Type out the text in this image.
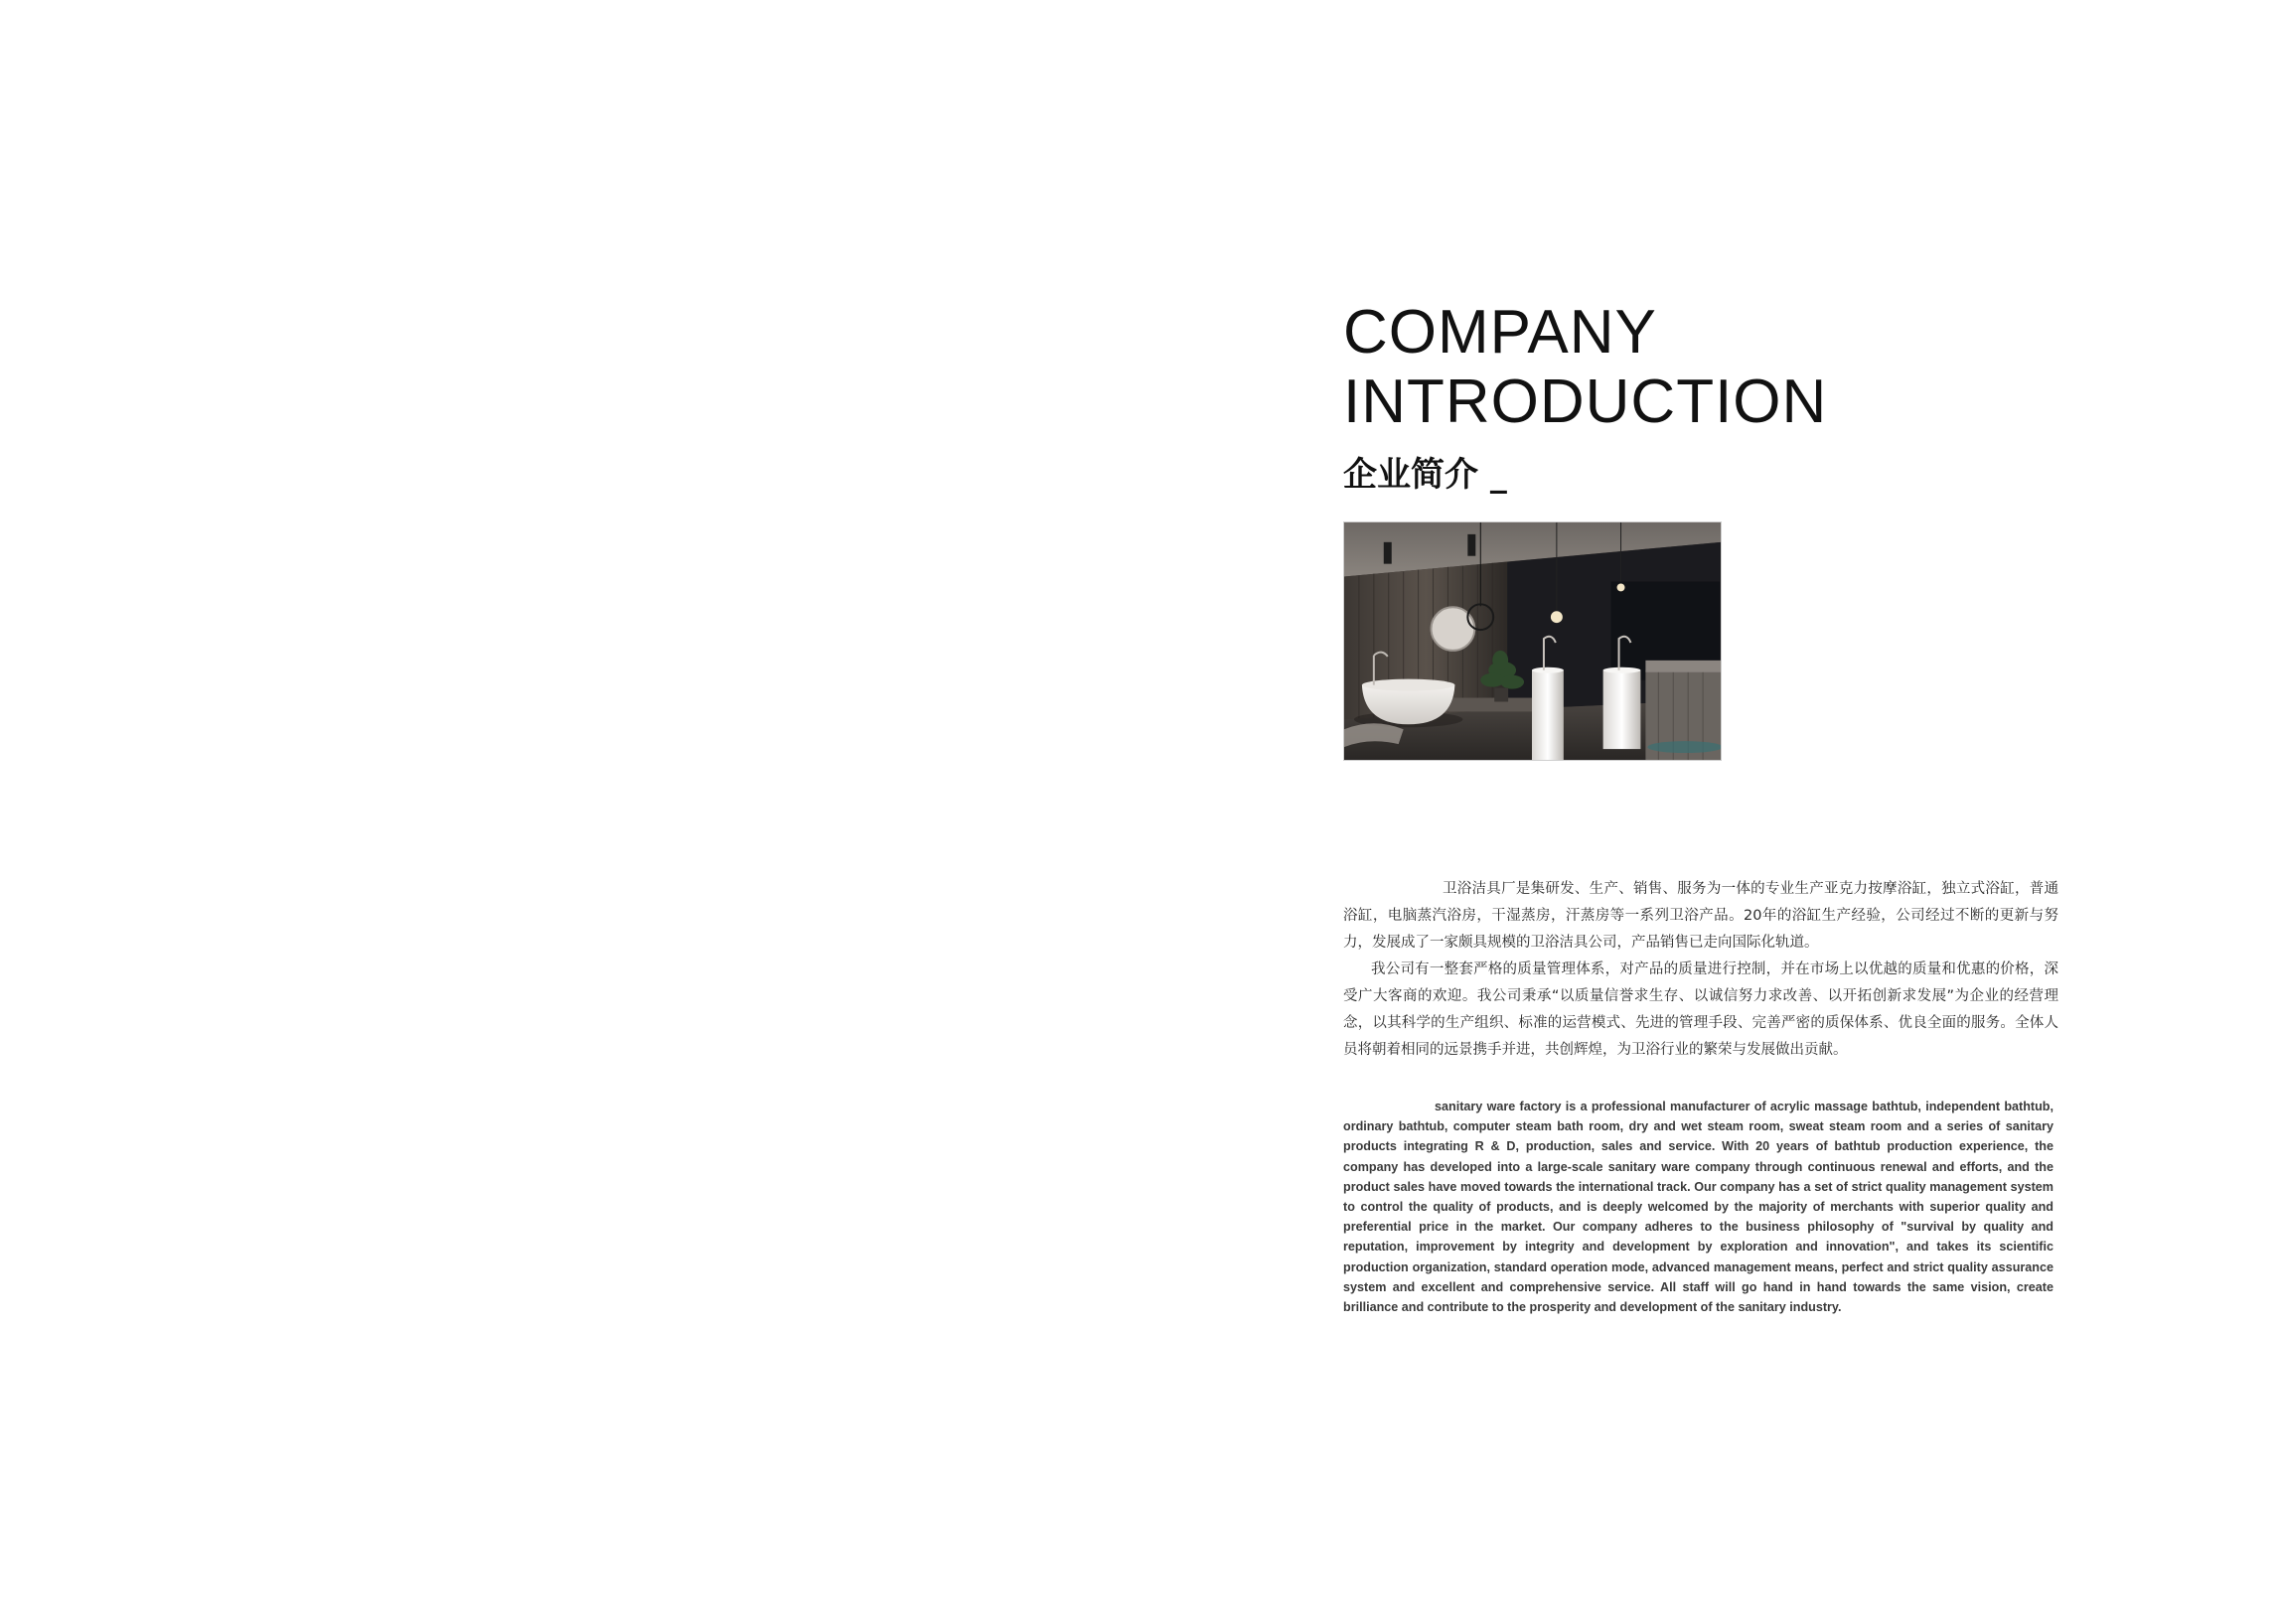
COMPANY
INTRODUCTION
企业简介 _

卫浴洁具厂是集研发、生产、销售、服务为一体的专业生产亚克力按摩浴缸，独立式浴缸，普通浴缸，电脑蒸汽浴房，干湿蒸房，汗蒸房等一系列卫浴产品。20年的浴缸生产经验，公司经过不断的更新与努力，发展成了一家颇具规模的卫浴洁具公司，产品销售已走向国际化轨道。

我公司有一整套严格的质量管理体系，对产品的质量进行控制，并在市场上以优越的质量和优惠的价格，深受广大客商的欢迎。我公司秉承“以质量信誉求生存、以诚信努力求改善、以开拓创新求发展”为企业的经营理念，以其科学的生产组织、标准的运营模式、先进的管理手段、完善严密的质保体系、优良全面的服务。全体人员将朝着相同的远景携手并进，共创辉煌，为卫浴行业的繁荣与发展做出贡献。

sanitary ware factory is a professional manufacturer of acrylic massage bathtub, independent bathtub, ordinary bathtub, computer steam bath room, dry and wet steam room, sweat steam room and a series of sanitary products integrating R & D, production, sales and service. With 20 years of bathtub production experience, the company has developed into a large-scale sanitary ware company through continuous renewal and efforts, and the product sales have moved towards the international track. Our company has a set of strict quality management system to control the quality of products, and is deeply welcomed by the majority of merchants with superior quality and preferential price in the market. Our company adheres to the business philosophy of "survival by quality and reputation, improvement by integrity and development by exploration and innovation", and takes its scientific production organization, standard operation mode, advanced management means, perfect and strict quality assurance system and excellent and comprehensive service. All staff will go hand in hand towards the same vision, create brilliance and contribute to the prosperity and development of the sanitary industry.
